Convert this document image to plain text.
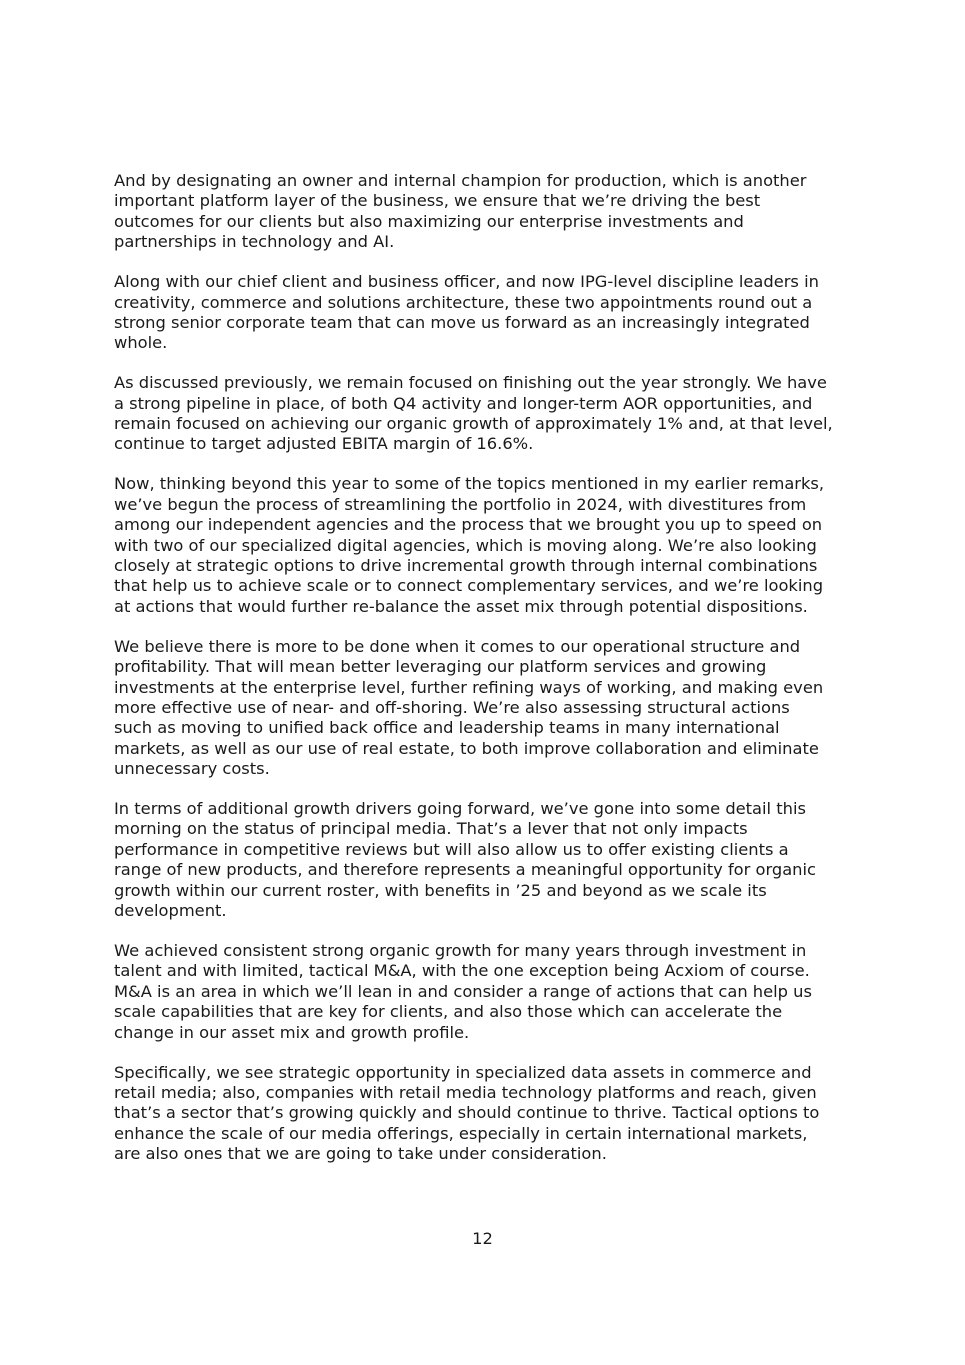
And by designating an owner and internal champion for production, which is another
important platform layer of the business, we ensure that we’re driving the best
outcomes for our clients but also maximizing our enterprise investments and
partnerships in technology and AI.

Along with our chief client and business officer, and now IPG-level discipline leaders in
creativity, commerce and solutions architecture, these two appointments round out a
strong senior corporate team that can move us forward as an increasingly integrated
whole.

As discussed previously, we remain focused on finishing out the year strongly. We have
a strong pipeline in place, of both Q4 activity and longer-term AOR opportunities, and
remain focused on achieving our organic growth of approximately 1% and, at that level,
continue to target adjusted EBITA margin of 16.6%.

Now, thinking beyond this year to some of the topics mentioned in my earlier remarks,
we’ve begun the process of streamlining the portfolio in 2024, with divestitures from
among our independent agencies and the process that we brought you up to speed on
with two of our specialized digital agencies, which is moving along. We’re also looking
closely at strategic options to drive incremental growth through internal combinations
that help us to achieve scale or to connect complementary services, and we’re looking
at actions that would further re-balance the asset mix through potential dispositions.

We believe there is more to be done when it comes to our operational structure and
profitability. That will mean better leveraging our platform services and growing
investments at the enterprise level, further refining ways of working, and making even
more effective use of near- and off-shoring. We’re also assessing structural actions
such as moving to unified back office and leadership teams in many international
markets, as well as our use of real estate, to both improve collaboration and eliminate
unnecessary costs.

In terms of additional growth drivers going forward, we’ve gone into some detail this
morning on the status of principal media. That’s a lever that not only impacts
performance in competitive reviews but will also allow us to offer existing clients a
range of new products, and therefore represents a meaningful opportunity for organic
growth within our current roster, with benefits in ’25 and beyond as we scale its
development.

We achieved consistent strong organic growth for many years through investment in
talent and with limited, tactical M&A, with the one exception being Acxiom of course.
M&A is an area in which we’ll lean in and consider a range of actions that can help us
scale capabilities that are key for clients, and also those which can accelerate the
change in our asset mix and growth profile.

Specifically, we see strategic opportunity in specialized data assets in commerce and
retail media; also, companies with retail media technology platforms and reach, given
that’s a sector that’s growing quickly and should continue to thrive. Tactical options to
enhance the scale of our media offerings, especially in certain international markets,
are also ones that we are going to take under consideration.

12
